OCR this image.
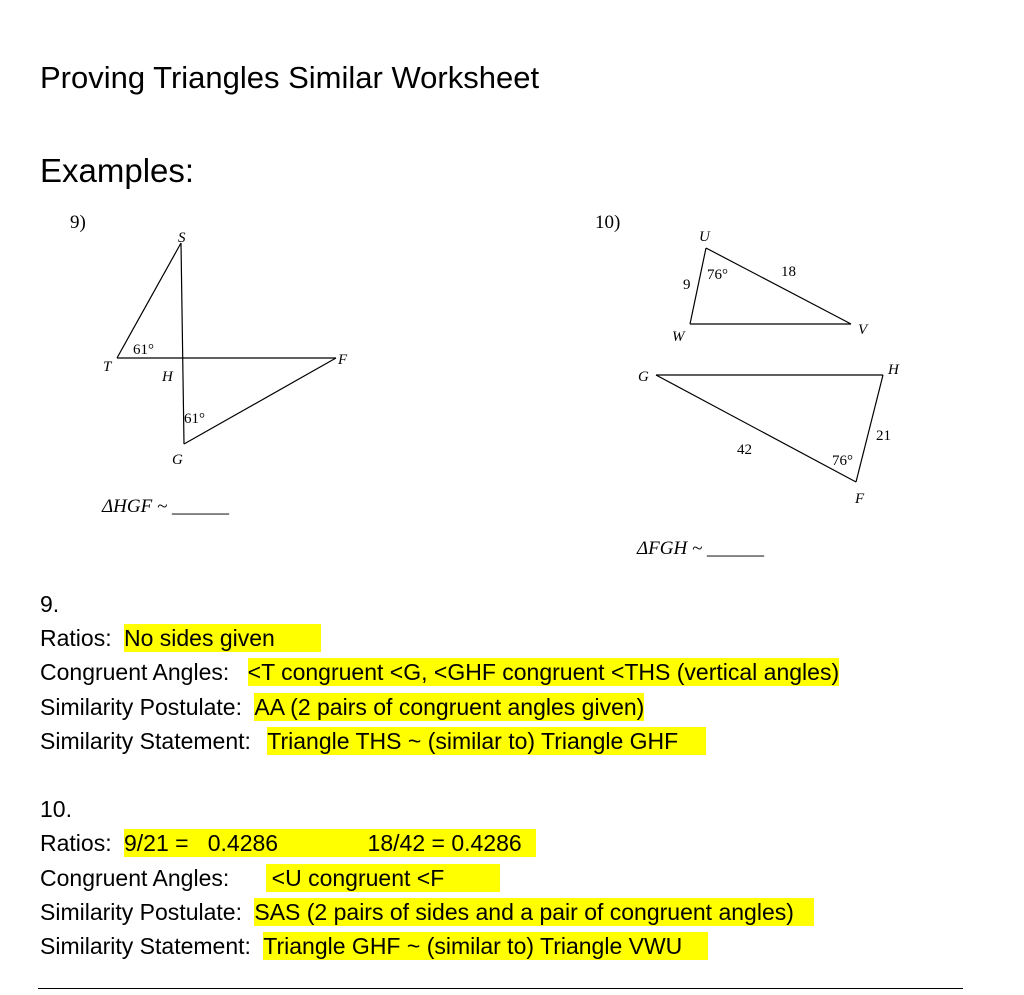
Proving Triangles Similar Worksheet
Examples:
9)
S
T
H
F
G
61°
61°
ΔHGF ~ ______
10)
U
W	V
9
76°	18
G	H
F
42
21
76°
ΔFGH ~ ______
9.
Ratios: No sides given
Congruent Angles: <T congruent <G, <GHF congruent <THS (vertical angles)
Similarity Postulate: AA (2 pairs of congruent angles given)
Similarity Statement: Triangle THS ~ (similar to) Triangle GHF
10.
Ratios: 9/21 =   0.4286              18/42 = 0.4286
Congruent Angles: <U congruent <F
Similarity Postulate: SAS (2 pairs of sides and a pair of congruent angles)
Similarity Statement: Triangle GHF ~ (similar to) Triangle VWU
